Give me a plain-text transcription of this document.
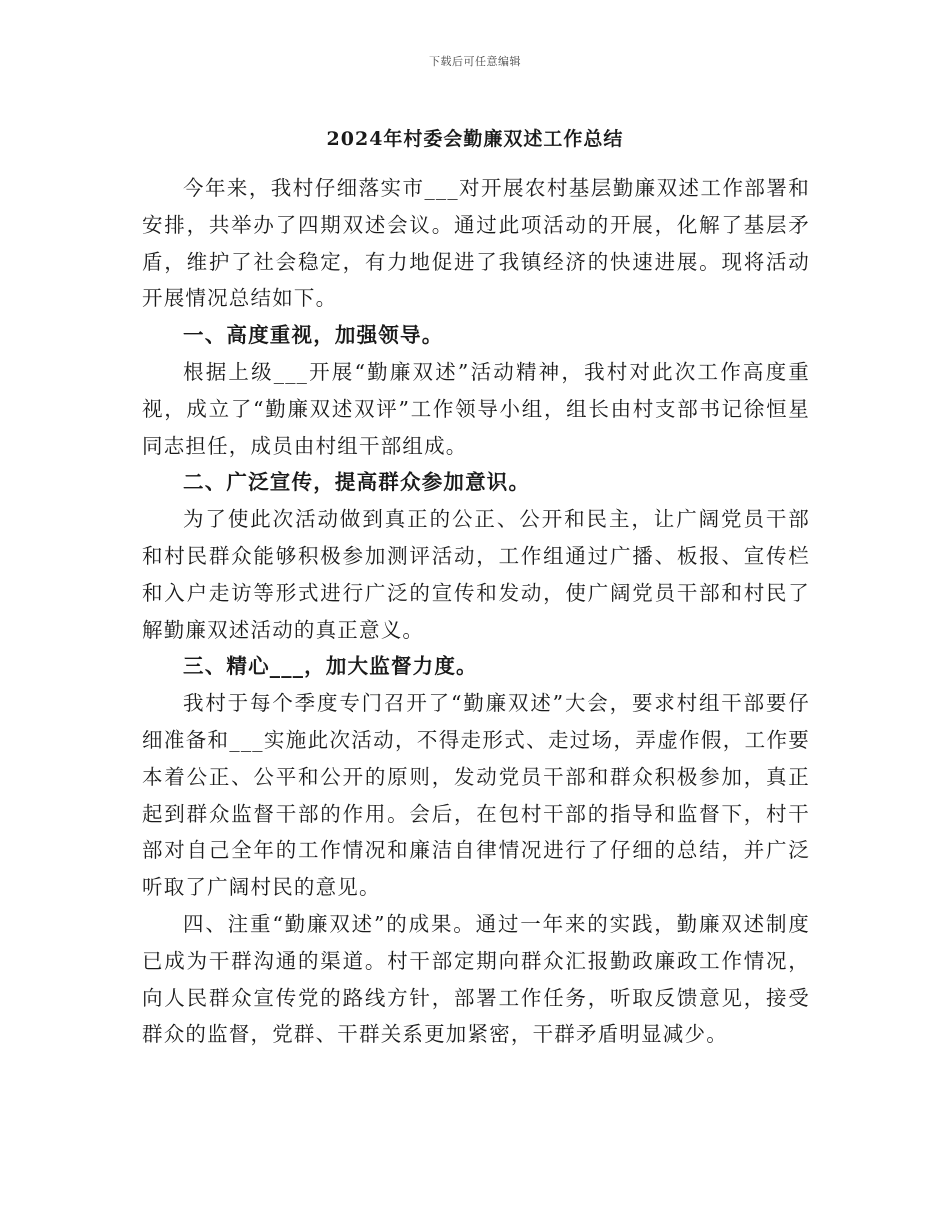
下载后可任意编辑
2024年村委会勤廉双述工作总结

今年来，我村仔细落实市___对开展农村基层勤廉双述工作部署和安排，共举办了四期双述会议。通过此项活动的开展，化解了基层矛盾，维护了社会稳定，有力地促进了我镇经济的快速进展。现将活动开展情况总结如下。

一、高度重视，加强领导。

根据上级___开展“勤廉双述”活动精神，我村对此次工作高度重视，成立了“勤廉双述双评”工作领导小组，组长由村支部书记徐恒星同志担任，成员由村组干部组成。

二、广泛宣传，提高群众参加意识。

为了使此次活动做到真正的公正、公开和民主，让广阔党员干部和村民群众能够积极参加测评活动，工作组通过广播、板报、宣传栏和入户走访等形式进行广泛的宣传和发动，使广阔党员干部和村民了解勤廉双述活动的真正意义。

三、精心___，加大监督力度。

我村于每个季度专门召开了“勤廉双述”大会，要求村组干部要仔细准备和___实施此次活动，不得走形式、走过场，弄虚作假，工作要本着公正、公平和公开的原则，发动党员干部和群众积极参加，真正起到群众监督干部的作用。会后，在包村干部的指导和监督下，村干部对自己全年的工作情况和廉洁自律情况进行了仔细的总结，并广泛听取了广阔村民的意见。

四、注重“勤廉双述”的成果。通过一年来的实践，勤廉双述制度已成为干群沟通的渠道。村干部定期向群众汇报勤政廉政工作情况，向人民群众宣传党的路线方针，部署工作任务，听取反馈意见，接受群众的监督，党群、干群关系更加紧密，干群矛盾明显减少。
